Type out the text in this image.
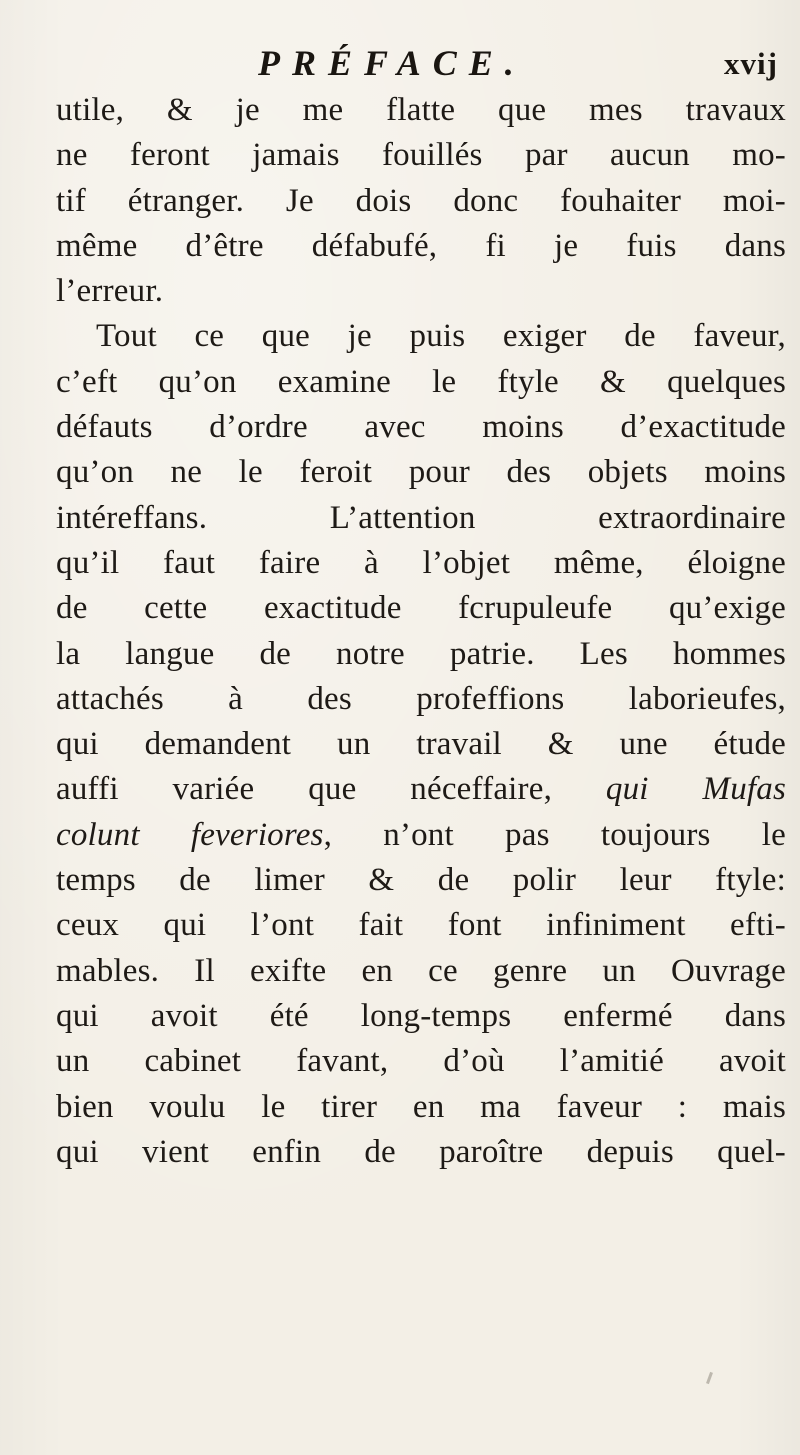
PRÉFACE.	xvij
utile, & je me flatte que mes travaux
ne feront jamais fouillés par aucun mo-
tif étranger. Je dois donc fouhaiter moi-
même d’être défabufé, fi je fuis dans
l’erreur.
Tout ce que je puis exiger de faveur,
c’eft qu’on examine le ftyle & quelques
défauts d’ordre avec moins d’exactitude
qu’on ne le feroit pour des objets moins
intéreffans. L’attention extraordinaire
qu’il faut faire à l’objet même, éloigne
de cette exactitude fcrupuleufe qu’exige
la langue de notre patrie. Les hommes
attachés à des profeffions laborieufes,
qui demandent un travail & une étude
auffi variée que néceffaire, qui Mufas
colunt feveriores, n’ont pas toujours le
temps de limer & de polir leur ftyle:
ceux qui l’ont fait font infiniment efti-
mables. Il exifte en ce genre un Ouvrage
qui avoit été long-temps enfermé dans
un cabinet favant, d’où l’amitié avoit
bien voulu le tirer en ma faveur : mais
qui vient enfin de paroître depuis quel-
